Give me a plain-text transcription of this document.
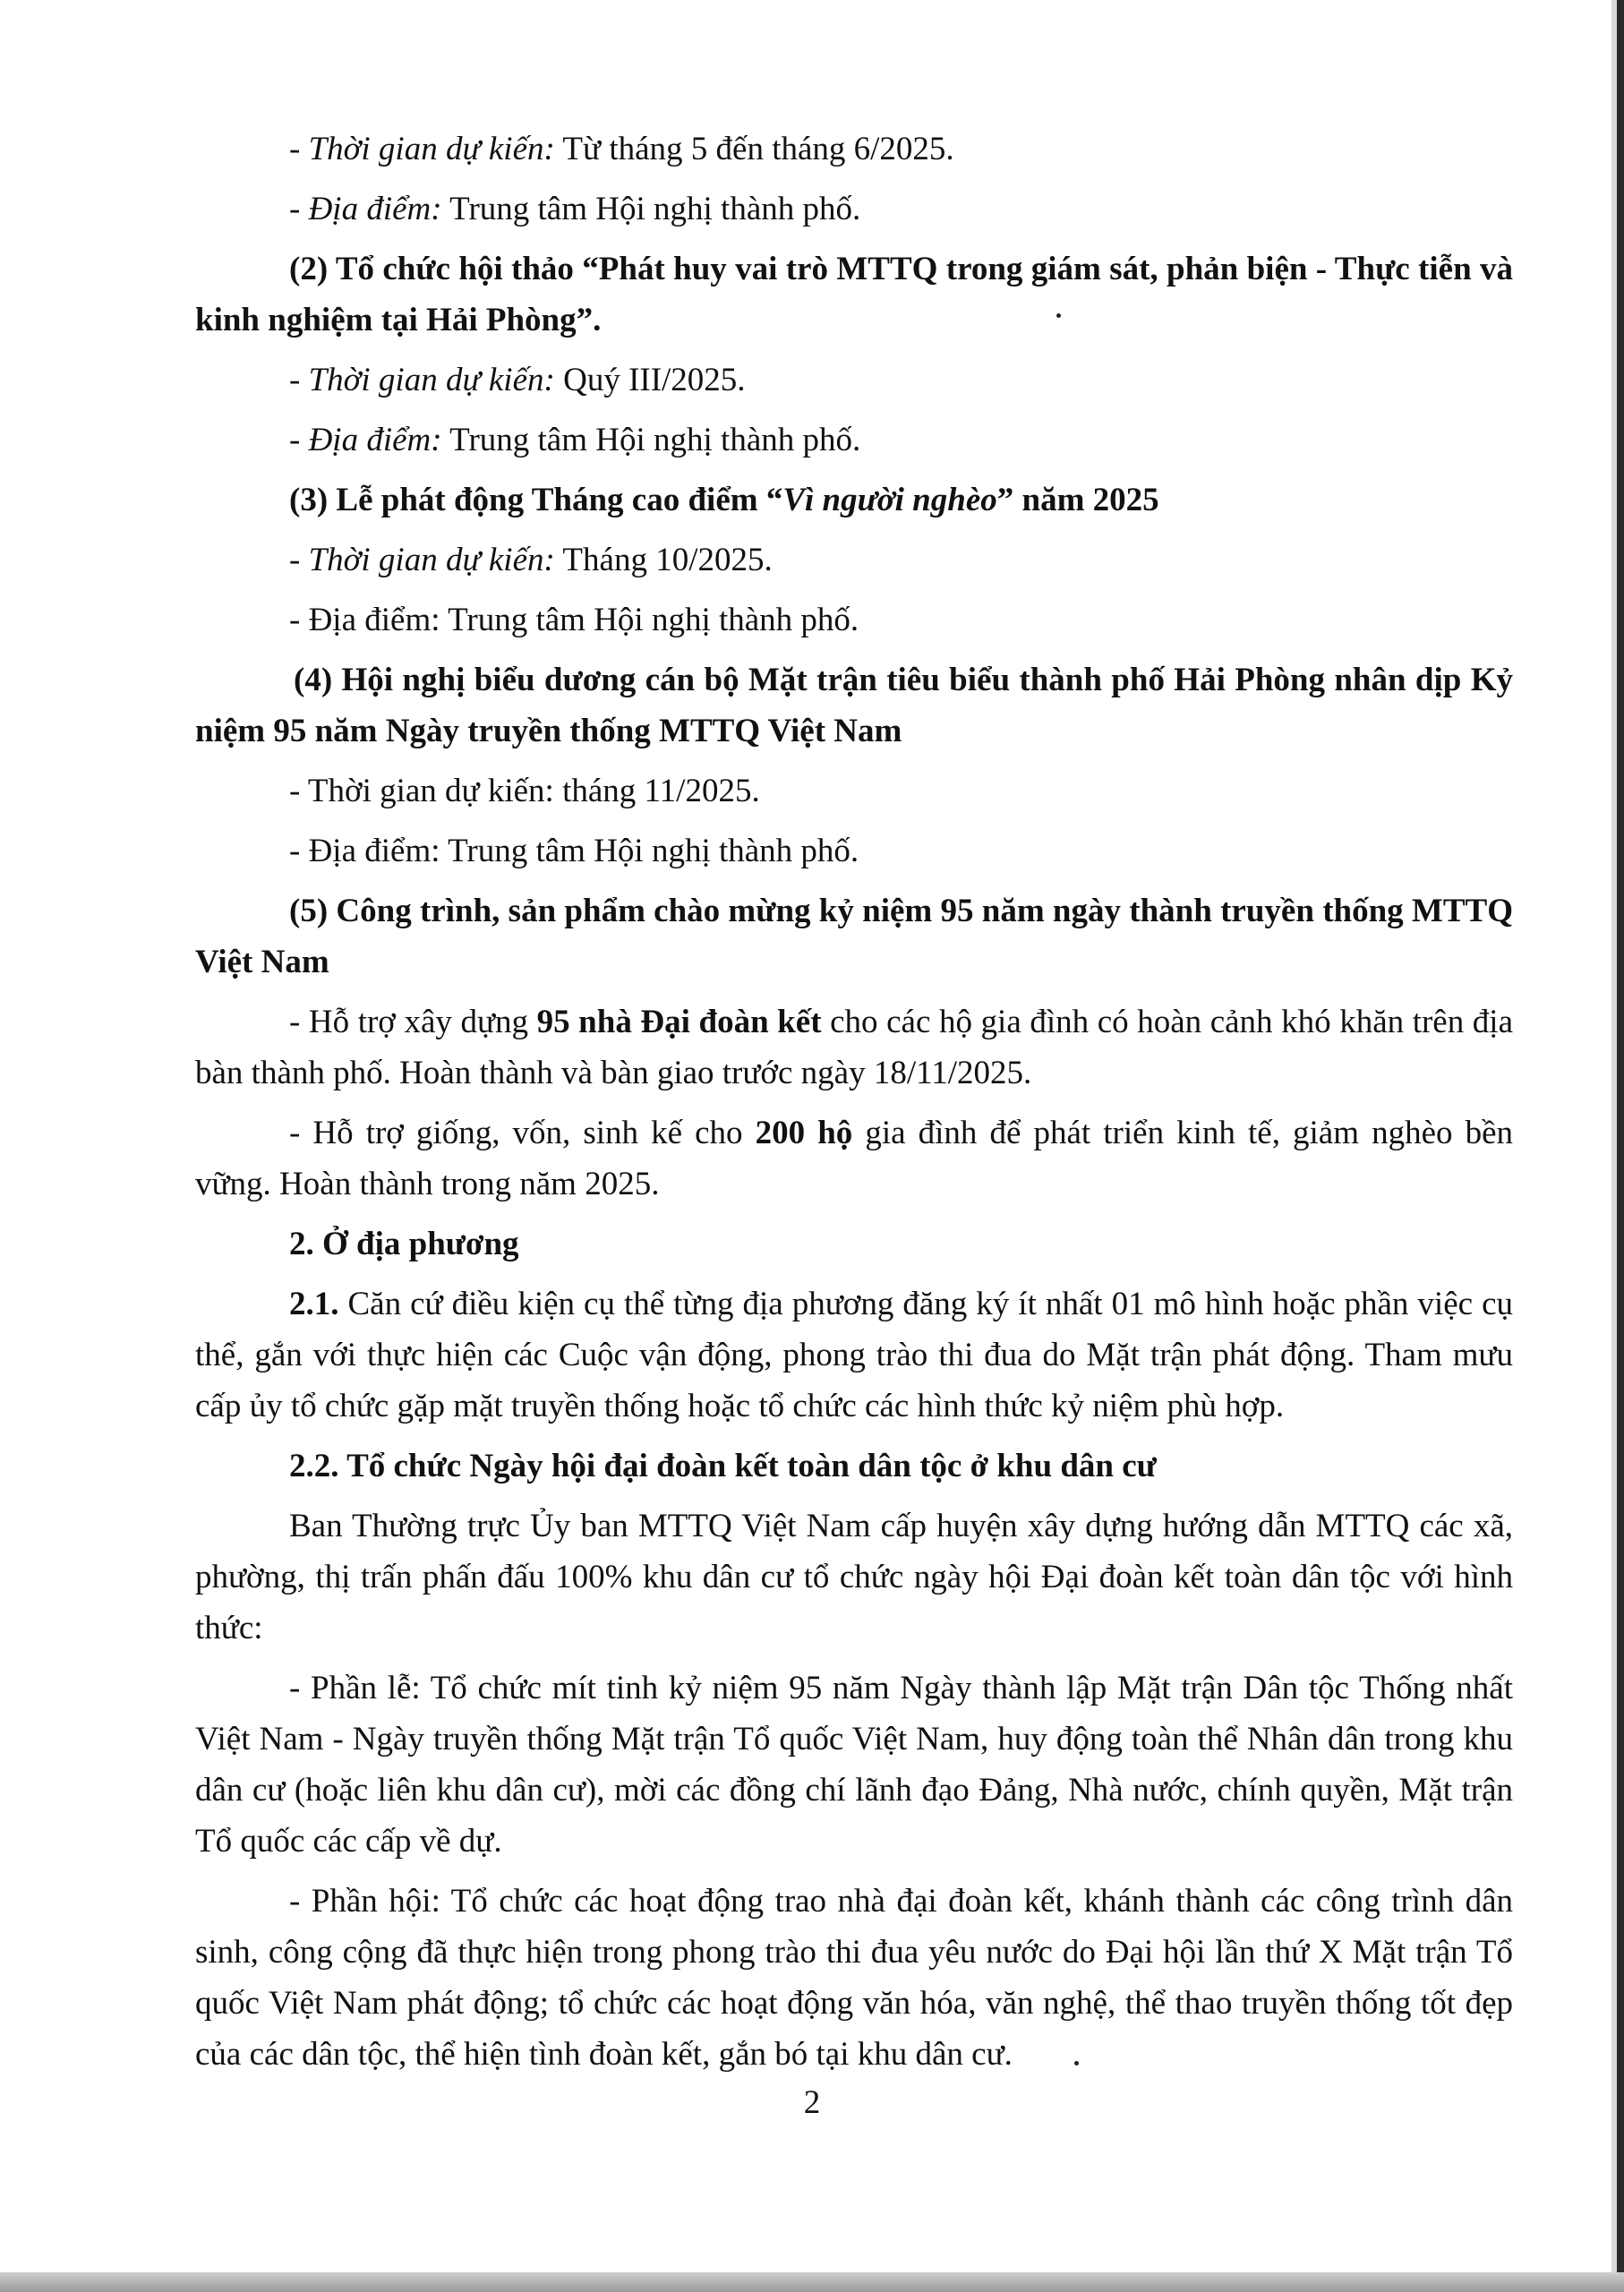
- Thời gian dự kiến: Từ tháng 5 đến tháng 6/2025.

- Địa điểm: Trung tâm Hội nghị thành phố.

(2) Tổ chức hội thảo “Phát huy vai trò MTTQ trong giám sát, phản biện - Thực tiễn và kinh nghiệm tại Hải Phòng”.

- Thời gian dự kiến: Quý III/2025.

- Địa điểm: Trung tâm Hội nghị thành phố.

(3) Lễ phát động Tháng cao điểm “Vì người nghèo” năm 2025

- Thời gian dự kiến: Tháng 10/2025.

- Địa điểm: Trung tâm Hội nghị thành phố.

(4) Hội nghị biểu dương cán bộ Mặt trận tiêu biểu thành phố Hải Phòng nhân dịp Kỷ niệm 95 năm Ngày truyền thống MTTQ Việt Nam

- Thời gian dự kiến: tháng 11/2025.

- Địa điểm: Trung tâm Hội nghị thành phố.

(5) Công trình, sản phẩm chào mừng kỷ niệm 95 năm ngày thành truyền thống MTTQ Việt Nam

- Hỗ trợ xây dựng 95 nhà Đại đoàn kết cho các hộ gia đình có hoàn cảnh khó khăn trên địa bàn thành phố. Hoàn thành và bàn giao trước ngày 18/11/2025.

- Hỗ trợ giống, vốn, sinh kế cho 200 hộ gia đình để phát triển kinh tế, giảm nghèo bền vững. Hoàn thành trong năm 2025.

2. Ở địa phương

2.1. Căn cứ điều kiện cụ thể từng địa phương đăng ký ít nhất 01 mô hình hoặc phần việc cụ thể, gắn với thực hiện các Cuộc vận động, phong trào thi đua do Mặt trận phát động. Tham mưu cấp ủy tổ chức gặp mặt truyền thống hoặc tổ chức các hình thức kỷ niệm phù hợp.

2.2. Tổ chức Ngày hội đại đoàn kết toàn dân tộc ở khu dân cư

Ban Thường trực Ủy ban MTTQ Việt Nam cấp huyện xây dựng hướng dẫn MTTQ các xã, phường, thị trấn phấn đấu 100% khu dân cư tổ chức ngày hội Đại đoàn kết toàn dân tộc với hình thức:

- Phần lễ: Tổ chức mít tinh kỷ niệm 95 năm Ngày thành lập Mặt trận Dân tộc Thống nhất Việt Nam - Ngày truyền thống Mặt trận Tổ quốc Việt Nam, huy động toàn thể Nhân dân trong khu dân cư (hoặc liên khu dân cư), mời các đồng chí lãnh đạo Đảng, Nhà nước, chính quyền, Mặt trận Tổ quốc các cấp về dự.

- Phần hội: Tổ chức các hoạt động trao nhà đại đoàn kết, khánh thành các công trình dân sinh, công cộng đã thực hiện trong phong trào thi đua yêu nước do Đại hội lần thứ X Mặt trận Tổ quốc Việt Nam phát động; tổ chức các hoạt động văn hóa, văn nghệ, thể thao truyền thống tốt đẹp của các dân tộc, thể hiện tình đoàn kết, gắn bó tại khu dân cư.

2
